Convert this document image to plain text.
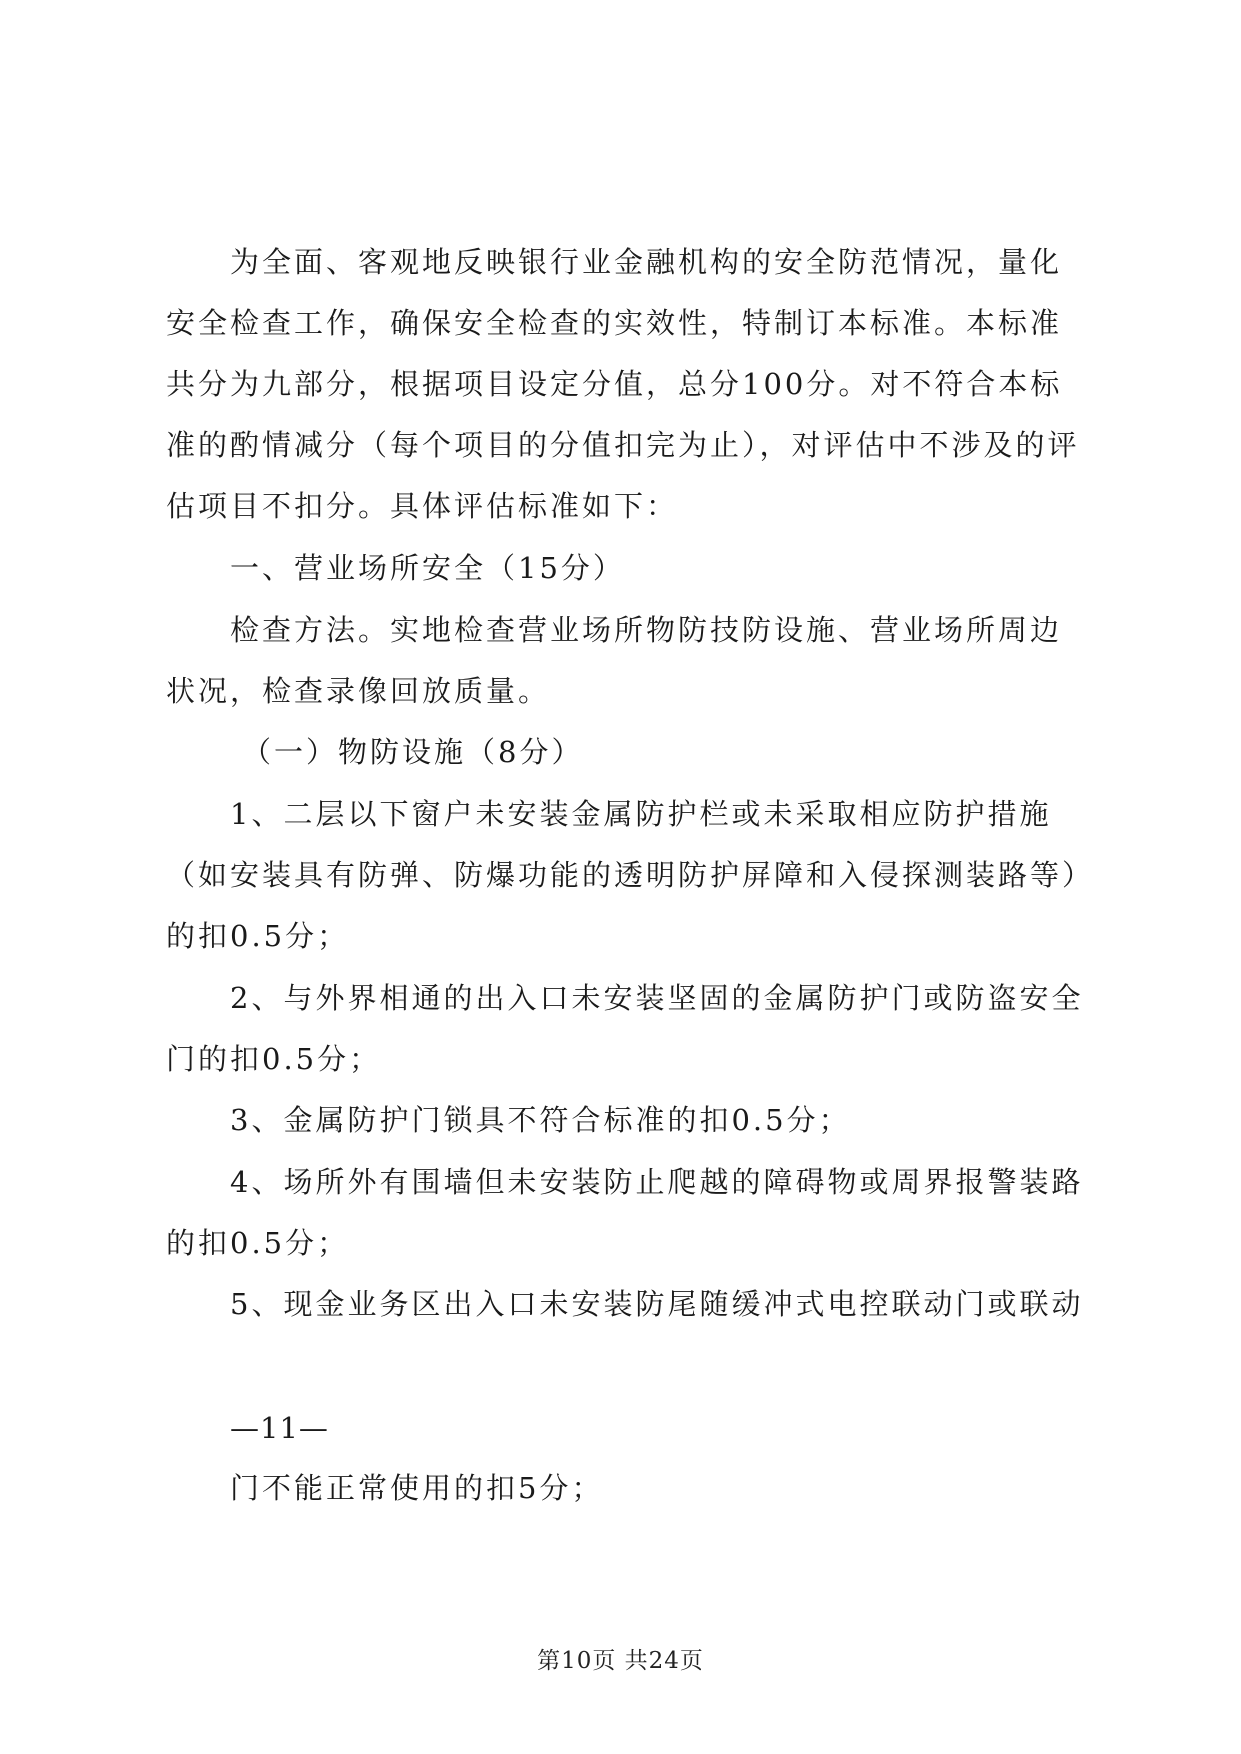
为全面、客观地反映银行业金融机构的安全防范情况，量化安全检查工作，确保安全检查的实效性，特制订本标准。本标准共分为九部分，根据项目设定分值，总分100分。对不符合本标准的酌情减分（每个项目的分值扣完为止），对评估中不涉及的评估项目不扣分。具体评估标准如下：

一、营业场所安全（15分）

检查方法。实地检查营业场所物防技防设施、营业场所周边状况，检查录像回放质量。

（一）物防设施（8分）

1、二层以下窗户未安装金属防护栏或未采取相应防护措施（如安装具有防弹、防爆功能的透明防护屏障和入侵探测装路等）的扣0.5分；

2、与外界相通的出入口未安装坚固的金属防护门或防盗安全门的扣0.5分；

3、金属防护门锁具不符合标准的扣0.5分；

4、场所外有围墙但未安装防止爬越的障碍物或周界报警装路的扣0.5分；

5、现金业务区出入口未安装防尾随缓冲式电控联动门或联动

—11—

门不能正常使用的扣5分；

第10页 共24页
